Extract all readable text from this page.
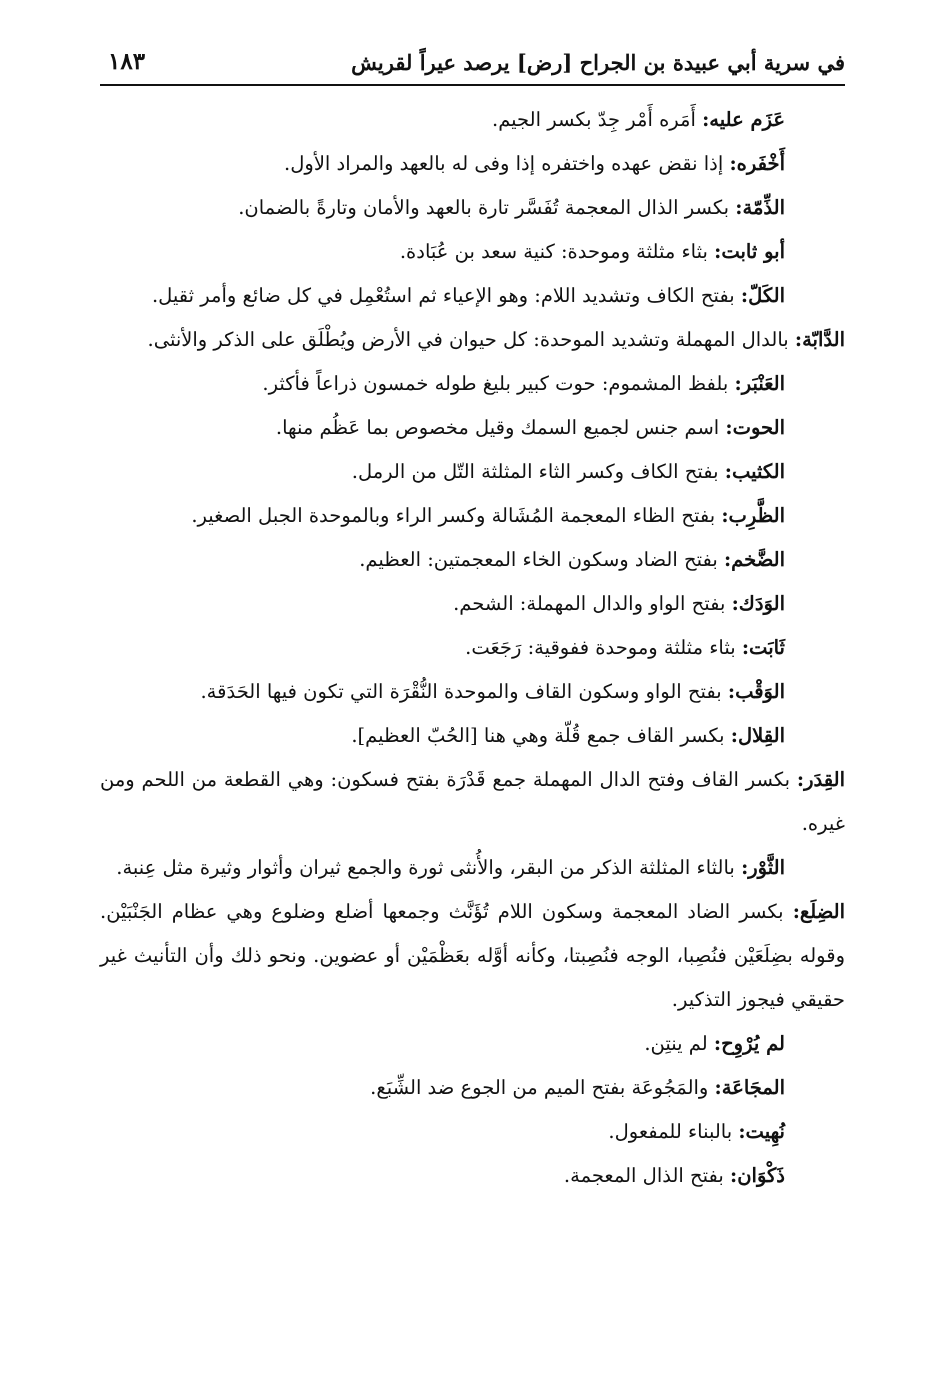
في سرية أبي عبيدة بن الجراح [رض] يرصد عيراً لقريش
١٨٣

عَزَم عليه: أَمَره أَمْر جِدّ بكسر الجيم.

أَخْفَره: إذا نقض عهده واختفره إذا وفى له بالعهد والمراد الأول.

الذِّمّة: بكسر الذال المعجمة تُفَسَّر تارة بالعهد والأمان وتارةً بالضمان.

أبو ثابت: بثاء مثلثة وموحدة: كنية سعد بن عُبَادة.

الكَلّ: بفتح الكاف وتشديد اللام: وهو الإعياء ثم استُعْمِل في كل ضائع وأمر ثقيل.

الدَّابّة: بالدال المهملة وتشديد الموحدة: كل حيوان في الأرض ويُطْلَق على الذكر والأنثى.

العَنْبَر: بلفظ المشموم: حوت كبير بليغ طوله خمسون ذراعاً فأكثر.

الحوت: اسم جنس لجميع السمك وقيل مخصوص بما عَظُم منها.

الكثيب: بفتح الكاف وكسر الثاء المثلثة التّل من الرمل.

الظَّرِب: بفتح الظاء المعجمة المُشَالة وكسر الراء وبالموحدة الجبل الصغير.

الضَّخم: بفتح الضاد وسكون الخاء المعجمتين: العظيم.

الوَدَك: بفتح الواو والدال المهملة: الشحم.

ثَابَت: بثاء مثلثة وموحدة ففوقية: رَجَعَت.

الوَقْب: بفتح الواو وسكون القاف والموحدة النُّقْرَة التي تكون فيها الحَدَقة.

القِلال: بكسر القاف جمع قُلّة وهي هنا [الحُبّ العظيم].

القِدَر: بكسر القاف وفتح الدال المهملة جمع قَدْرَة بفتح فسكون: وهي القطعة من اللحم ومن غيره.

الثَّوْر: بالثاء المثلثة الذكر من البقر، والأُنثى ثورة والجمع ثيران وأثوار وثيرة مثل عِنبة.

الضِلَع: بكسر الضاد المعجمة وسكون اللام تُؤَنَّث وجمعها أضلع وضلوع وهي عظام الجَنْبَيْن. وقوله بضِلَعَيْن فنُصِبا، الوجه فنُصِبتا، وكأنه أوَّله بعَظْمَيْن أو عضوين. ونحو ذلك وأن التأنيث غير حقيقي فيجوز التذكير.

لم يُرْوِح: لم ينتِن.

المجَاعَة: والمَجُوعَة بفتح الميم من الجوع ضد الشِّبَع.

نُهِيت: بالبناء للمفعول.

ذَكْوَان: بفتح الذال المعجمة.
